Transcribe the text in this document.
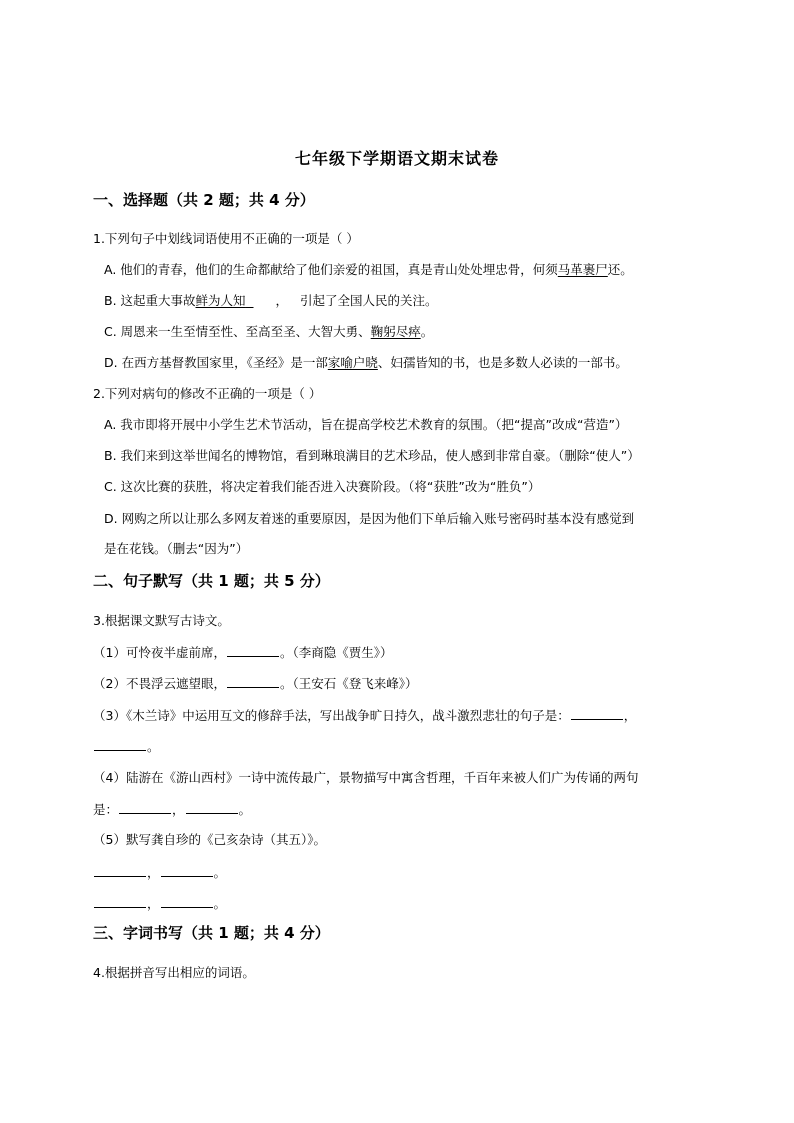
七年级下学期语文期末试卷
一、选择题（共 2 题；共 4 分）
1.下列句子中划线词语使用不正确的一项是（ ）
A. 他们的青春，他们的生命都献给了他们亲爱的祖国，真是青山处处埋忠骨，何须马革裹尸还。
B. 这起重大事故鲜为人知 ， 引起了全国人民的关注。
C. 周恩来一生至情至性、至高至圣、大智大勇、鞠躬尽瘁。
D. 在西方基督教国家里，《圣经》是一部家喻户晓、妇孺皆知的书，也是多数人必读的一部书。
2.下列对病句的修改不正确的一项是（ ）
A. 我市即将开展中小学生艺术节活动，旨在提高学校艺术教育的氛围。（把“提高”改成“营造”）
B. 我们来到这举世闻名的博物馆，看到琳琅满目的艺术珍品，使人感到非常自豪。（删除“使人”）
C. 这次比赛的获胜，将决定着我们能否进入决赛阶段。（将“获胜”改为“胜负”）
D. 网购之所以让那么多网友着迷的重要原因，是因为他们下单后输入账号密码时基本没有感觉到
是在花钱。（删去“因为”）
二、句子默写（共 1 题；共 5 分）
3.根据课文默写古诗文。
（1）可怜夜半虚前席，	。（李商隐《贾生》）
（2）不畏浮云遮望眼，	。（王安石《登飞来峰》）
（3）《木兰诗》中运用互文的修辞手法，写出战争旷日持久，战斗激烈悲壮的句子是：	，
。
（4）陆游在《游山西村》一诗中流传最广，景物描写中寓含哲理，千百年来被人们广为传诵的两句
是：	，	。
（5）默写龚自珍的《己亥杂诗（其五）》。
，	。
，	。
三、字词书写（共 1 题；共 4 分）
4.根据拼音写出相应的词语。
